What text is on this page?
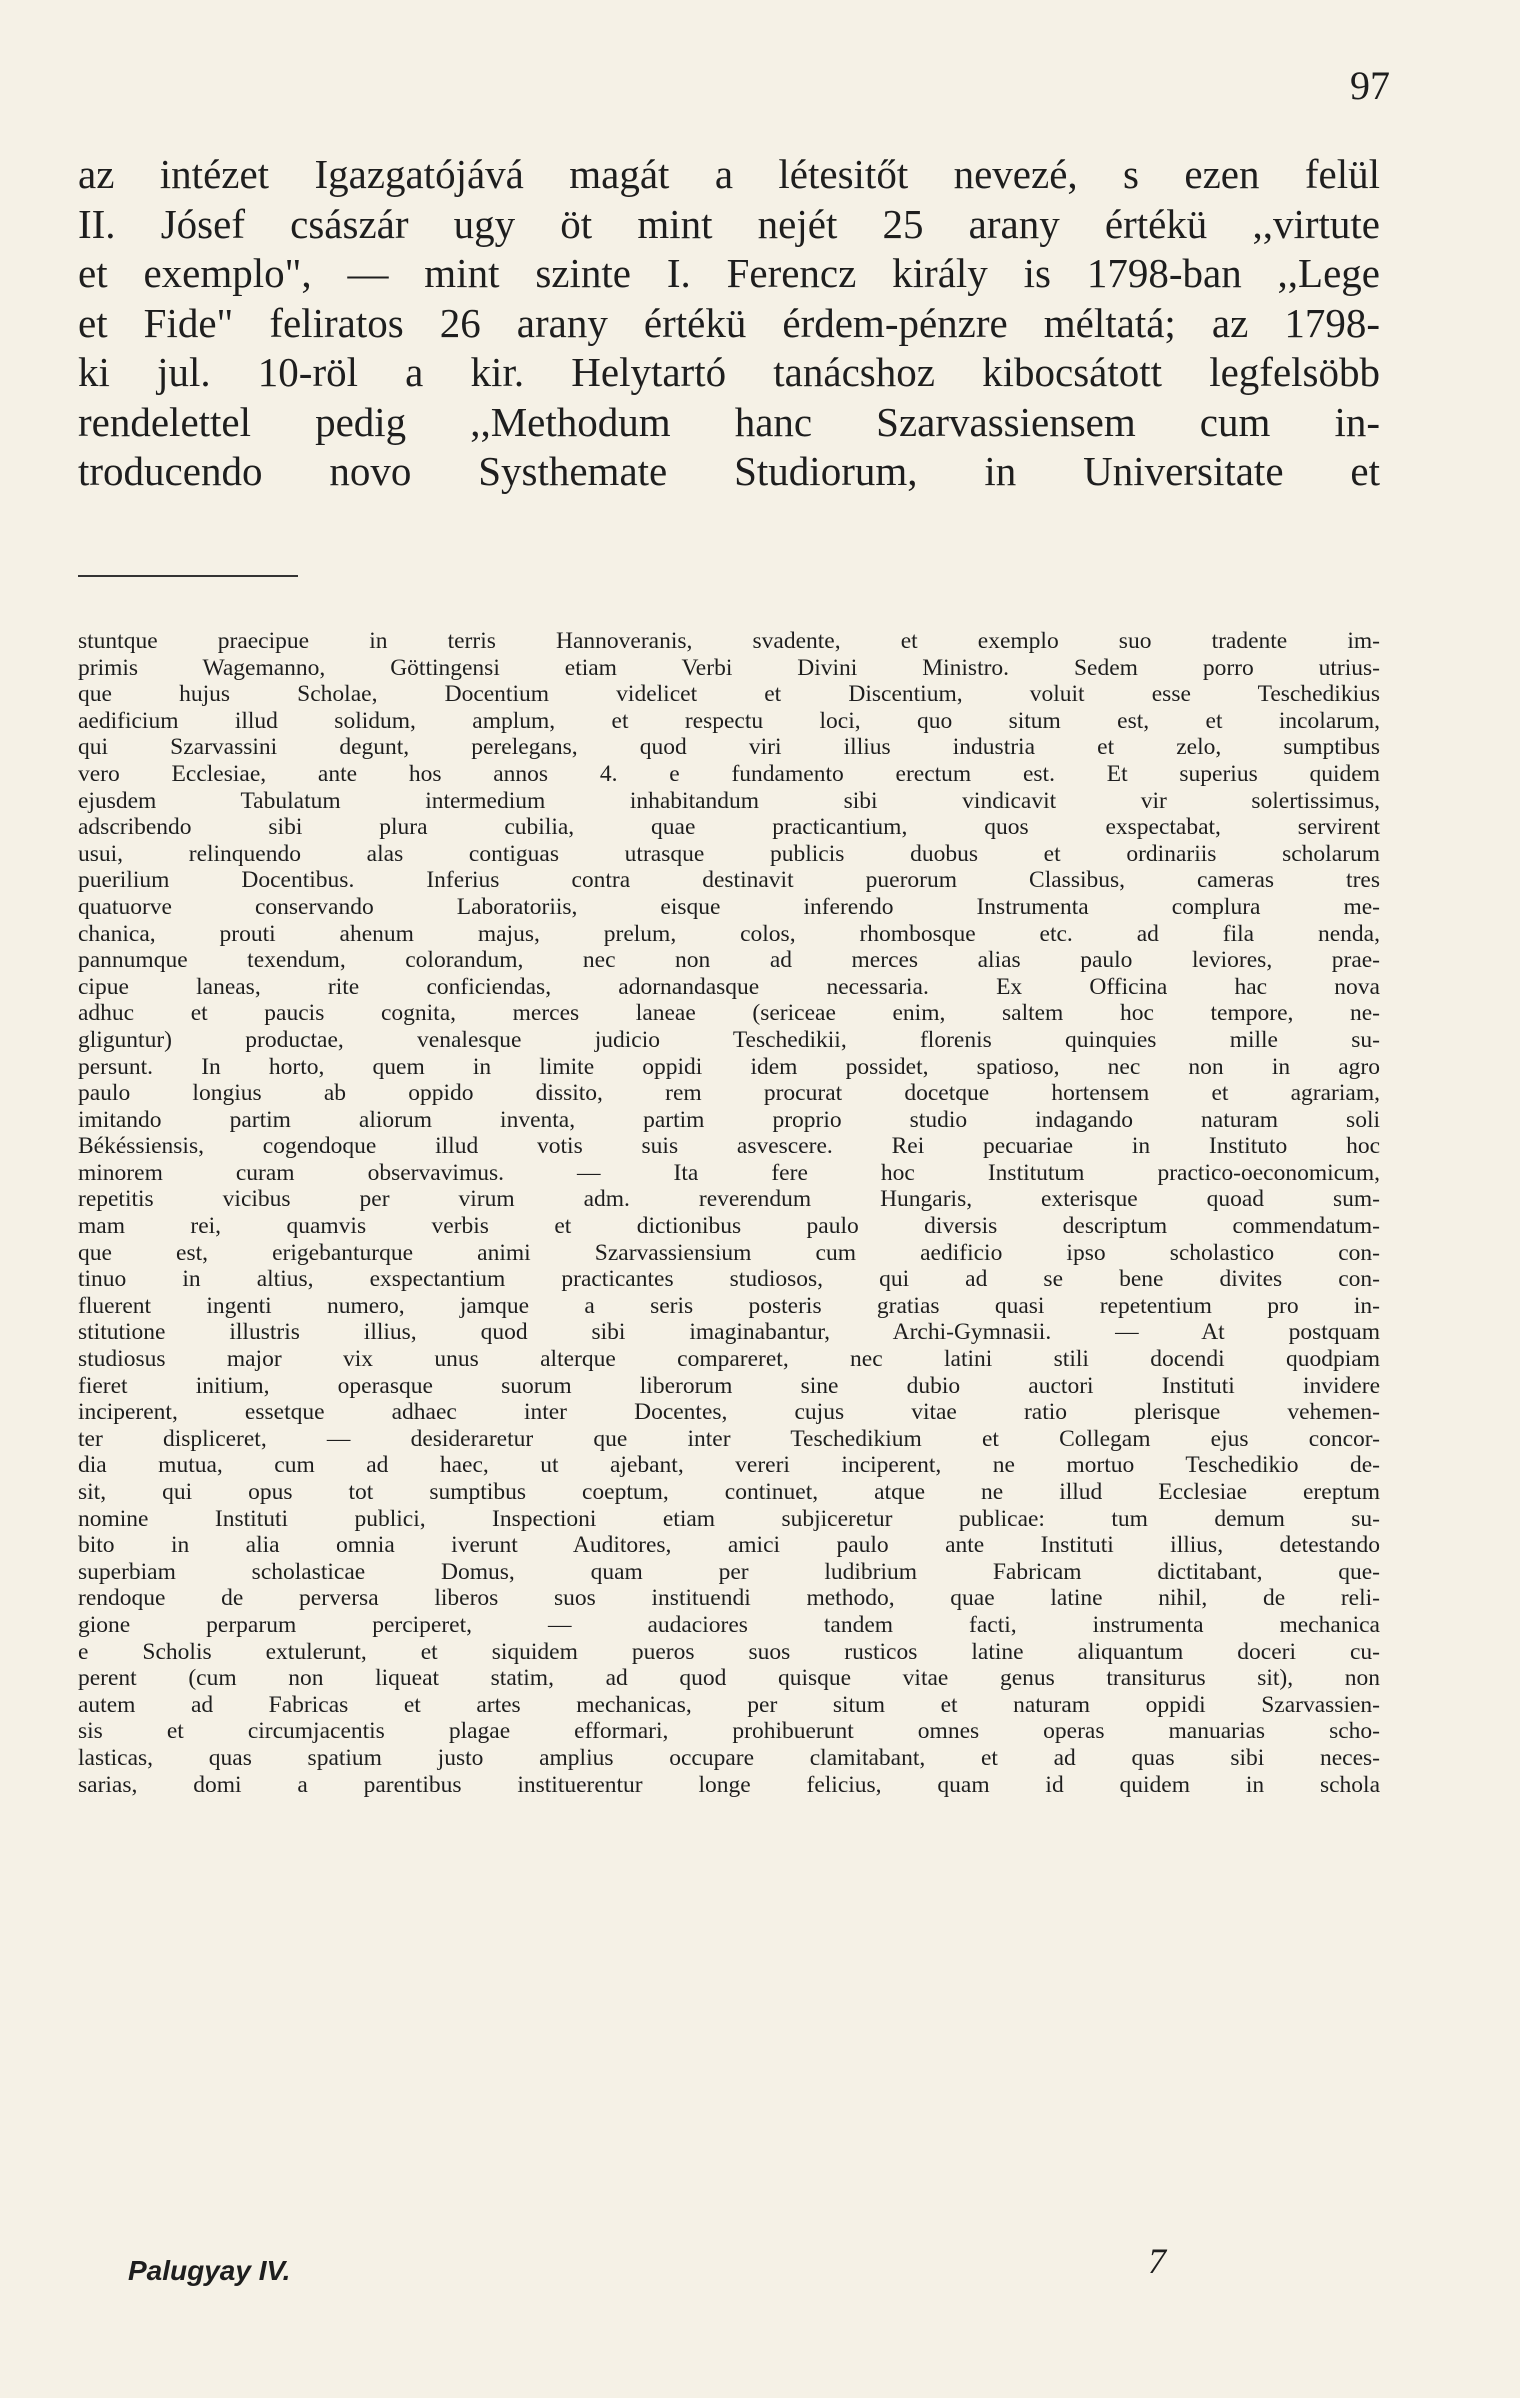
97
az intézet Igazgatójává magát a létesitőt nevezé, s ezen felül
II. Jósef császár ugy öt mint nejét 25 arany értékü ,,virtute
et exemplo", — mint szinte I. Ferencz király is 1798-ban ,,Lege
et Fide" feliratos 26 arany értékü érdem-pénzre méltatá; az 1798-
ki jul. 10-röl a kir. Helytartó tanácshoz kibocsátott legfelsöbb
rendelettel pedig ,,Methodum hanc Szarvassiensem cum in-
troducendo novo Systhemate Studiorum, in Universitate et
stuntque praecipue in terris Hannoveranis, svadente, et exemplo suo tradente im-
primis Wagemanno, Göttingensi etiam Verbi Divini Ministro. Sedem porro utrius-
que hujus Scholae, Docentium videlicet et Discentium, voluit esse Teschedikius
aedificium illud solidum, amplum, et respectu loci, quo situm est, et incolarum,
qui Szarvassini degunt, perelegans, quod viri illius industria et zelo, sumptibus
vero Ecclesiae, ante hos annos 4. e fundamento erectum est. Et superius quidem
ejusdem Tabulatum intermedium inhabitandum sibi vindicavit vir solertissimus,
adscribendo sibi plura cubilia, quae practicantium, quos exspectabat, servirent
usui, relinquendo alas contiguas utrasque publicis duobus et ordinariis scholarum
puerilium Docentibus. Inferius contra destinavit puerorum Classibus, cameras tres
quatuorve conservando Laboratoriis, eisque inferendo Instrumenta complura me-
chanica, prouti ahenum majus, prelum, colos, rhombosque etc. ad fila nenda,
pannumque texendum, colorandum, nec non ad merces alias paulo leviores, prae-
cipue laneas, rite conficiendas, adornandasque necessaria. Ex Officina hac nova
adhuc et paucis cognita, merces laneae (sericeae enim, saltem hoc tempore, ne-
gliguntur) productae, venalesque judicio Teschedikii, florenis quinquies mille su-
persunt. In horto, quem in limite oppidi idem possidet, spatioso, nec non in agro
paulo longius ab oppido dissito, rem procurat docetque hortensem et agrariam,
imitando partim aliorum inventa, partim proprio studio indagando naturam soli
Békéssiensis, cogendoque illud votis suis asvescere. Rei pecuariae in Instituto hoc
minorem curam observavimus. — Ita fere hoc Institutum practico-oeconomicum,
repetitis vicibus per virum adm. reverendum Hungaris, exterisque quoad sum-
mam rei, quamvis verbis et dictionibus paulo diversis descriptum commendatum-
que est, erigebanturque animi Szarvassiensium cum aedificio ipso scholastico con-
tinuo in altius, exspectantium practicantes studiosos, qui ad se bene divites con-
fluerent ingenti numero, jamque a seris posteris gratias quasi repetentium pro in-
stitutione illustris illius, quod sibi imaginabantur, Archi-Gymnasii. — At postquam
studiosus major vix unus alterque compareret, nec latini stili docendi quodpiam
fieret initium, operasque suorum liberorum sine dubio auctori Instituti invidere
inciperent, essetque adhaec inter Docentes, cujus vitae ratio plerisque vehemen-
ter displiceret, — desideraretur que inter Teschedikium et Collegam ejus concor-
dia mutua, cum ad haec, ut ajebant, vereri inciperent, ne mortuo Teschedikio de-
sit, qui opus tot sumptibus coeptum, continuet, atque ne illud Ecclesiae ereptum
nomine Instituti publici, Inspectioni etiam subjiceretur publicae: tum demum su-
bito in alia omnia iverunt Auditores, amici paulo ante Instituti illius, detestando
superbiam scholasticae Domus, quam per ludibrium Fabricam dictitabant, que-
rendoque de perversa liberos suos instituendi methodo, quae latine nihil, de reli-
gione perparum perciperet, — audaciores tandem facti, instrumenta mechanica
e Scholis extulerunt, et siquidem pueros suos rusticos latine aliquantum doceri cu-
perent (cum non liqueat statim, ad quod quisque vitae genus transiturus sit), non
autem ad Fabricas et artes mechanicas, per situm et naturam oppidi Szarvassien-
sis et circumjacentis plagae efformari, prohibuerunt omnes operas manuarias scho-
lasticas, quas spatium justo amplius occupare clamitabant, et ad quas sibi neces-
sarias, domi a parentibus instituerentur longe felicius, quam id quidem in schola
Palugyay IV.	7
